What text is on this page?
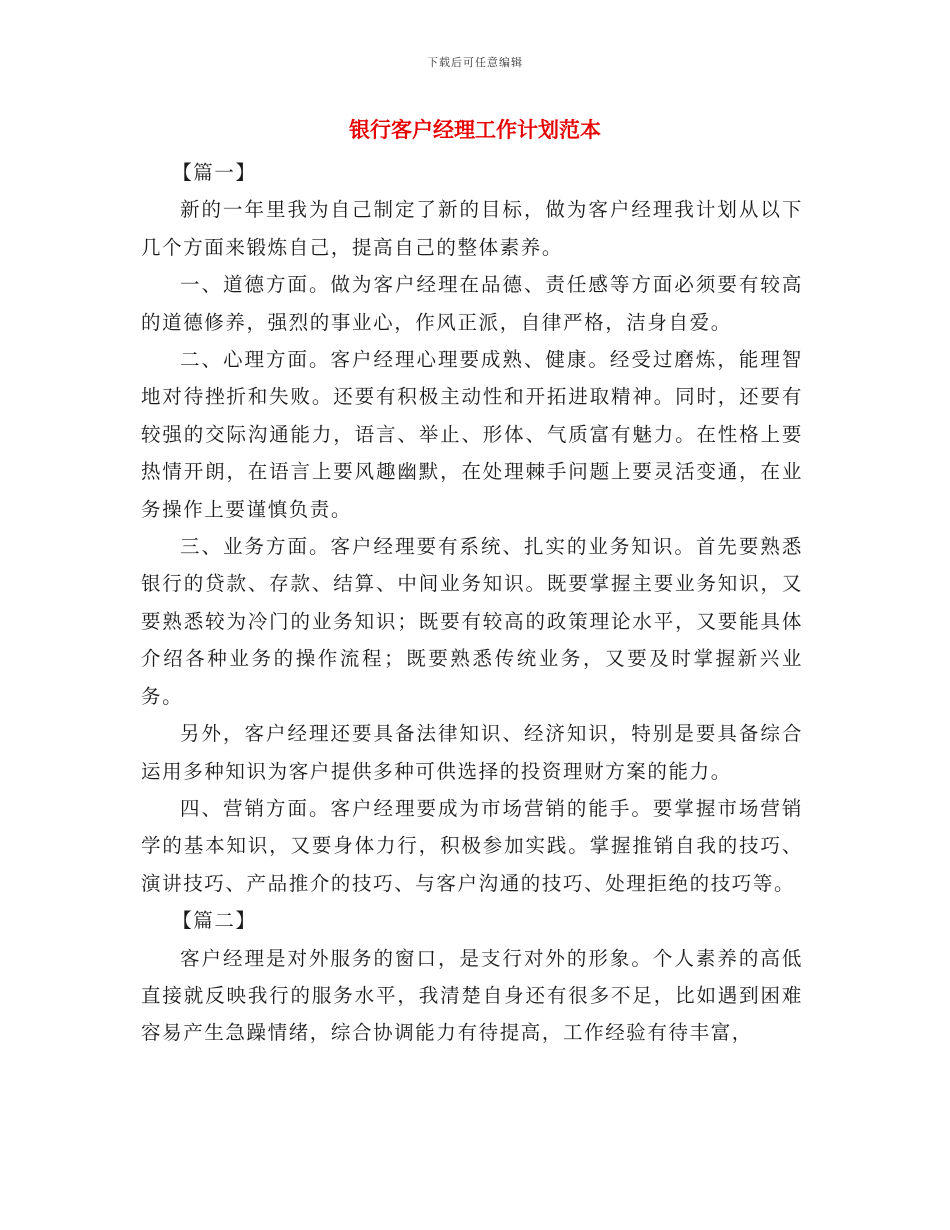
下载后可任意编辑
银行客户经理工作计划范本

【篇一】

新的一年里我为自己制定了新的目标，做为客户经理我计划从以下几个方面来锻炼自己，提高自己的整体素养。

一、道德方面。做为客户经理在品德、责任感等方面必须要有较高的道德修养，强烈的事业心，作风正派，自律严格，洁身自爱。

二、心理方面。客户经理心理要成熟、健康。经受过磨炼，能理智地对待挫折和失败。还要有积极主动性和开拓进取精神。同时，还要有较强的交际沟通能力，语言、举止、形体、气质富有魅力。在性格上要热情开朗，在语言上要风趣幽默，在处理棘手问题上要灵活变通，在业务操作上要谨慎负责。

三、业务方面。客户经理要有系统、扎实的业务知识。首先要熟悉银行的贷款、存款、结算、中间业务知识。既要掌握主要业务知识，又要熟悉较为冷门的业务知识；既要有较高的政策理论水平，又要能具体介绍各种业务的操作流程；既要熟悉传统业务，又要及时掌握新兴业务。

另外，客户经理还要具备法律知识、经济知识，特别是要具备综合运用多种知识为客户提供多种可供选择的投资理财方案的能力。

四、营销方面。客户经理要成为市场营销的能手。要掌握市场营销学的基本知识，又要身体力行，积极参加实践。掌握推销自我的技巧、演讲技巧、产品推介的技巧、与客户沟通的技巧、处理拒绝的技巧等。

【篇二】

客户经理是对外服务的窗口，是支行对外的形象。个人素养的高低直接就反映我行的服务水平，我清楚自身还有很多不足，比如遇到困难容易产生急躁情绪，综合协调能力有待提高，工作经验有待丰富，
